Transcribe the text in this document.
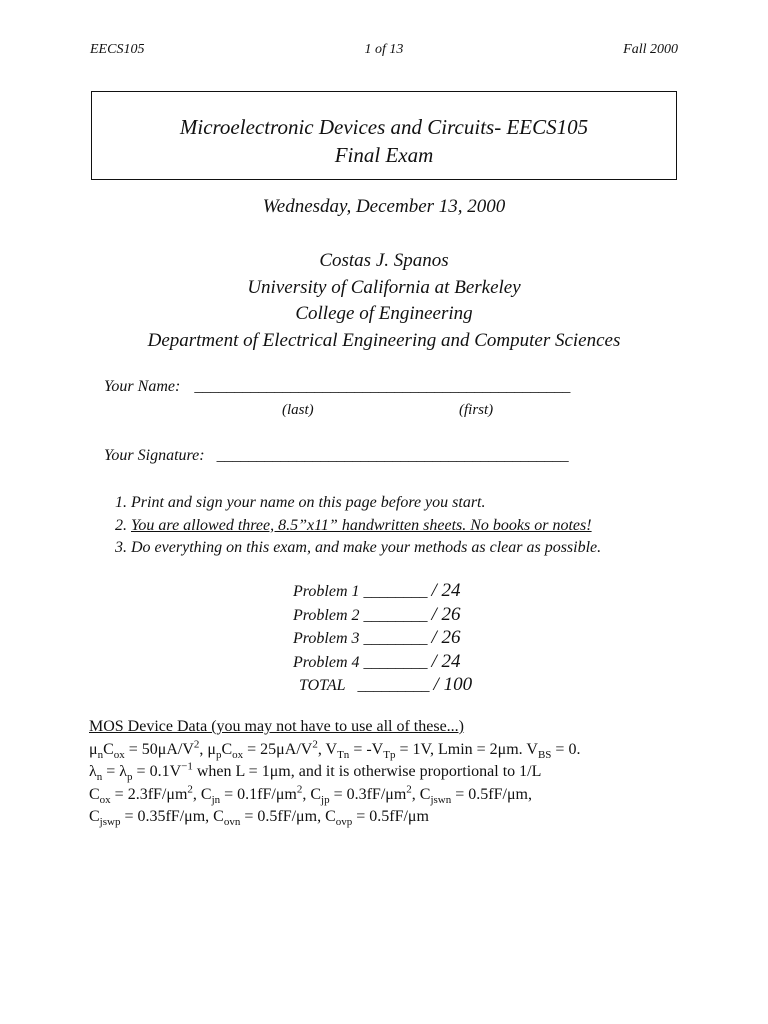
EECS105	1 of 13	Fall 2000
Microelectronic Devices and Circuits- EECS105
Final Exam
Wednesday, December 13, 2000
Costas J. Spanos
University of California at Berkeley
College of Engineering
Department of Electrical Engineering and Computer Sciences
Your Name: _______________________________________________
(last)	(first)
Your Signature: ____________________________________________
1. Print and sign your name on this page before you start.
2. You are allowed three, 8.5”x11” handwritten sheets. No books or notes!
3. Do everything on this exam, and make your methods as clear as possible.
Problem 1 ________ / 24
Problem 2 ________ / 26
Problem 3 ________ / 26
Problem 4 ________ / 24
TOTAL _________ / 100
MOS Device Data (you may not have to use all of these...)
$\mu_nC_{ox} = 50\mu A/V^2$, $\mu_pC_{ox} = 25\mu A/V^2$, $V_{Tn} = -V_{Tp} = 1V$, Lmin = 2μm. $V_{BS} = 0$.
$\lambda_n = \lambda_p = 0.1V^{-1}$ when L = 1μm, and it is otherwise proportional to 1/L
$C_{ox} = 2.3fF/\mu m^2$, $C_{jn} = 0.1fF/\mu m^2$, $C_{jp} = 0.3fF/\mu m^2$, $C_{jswn} = 0.5fF/\mu m$,
$C_{jswp} = 0.35fF/\mu m$, $C_{ovn} = 0.5fF/\mu m$, $C_{ovp} = 0.5fF/\mu m$
